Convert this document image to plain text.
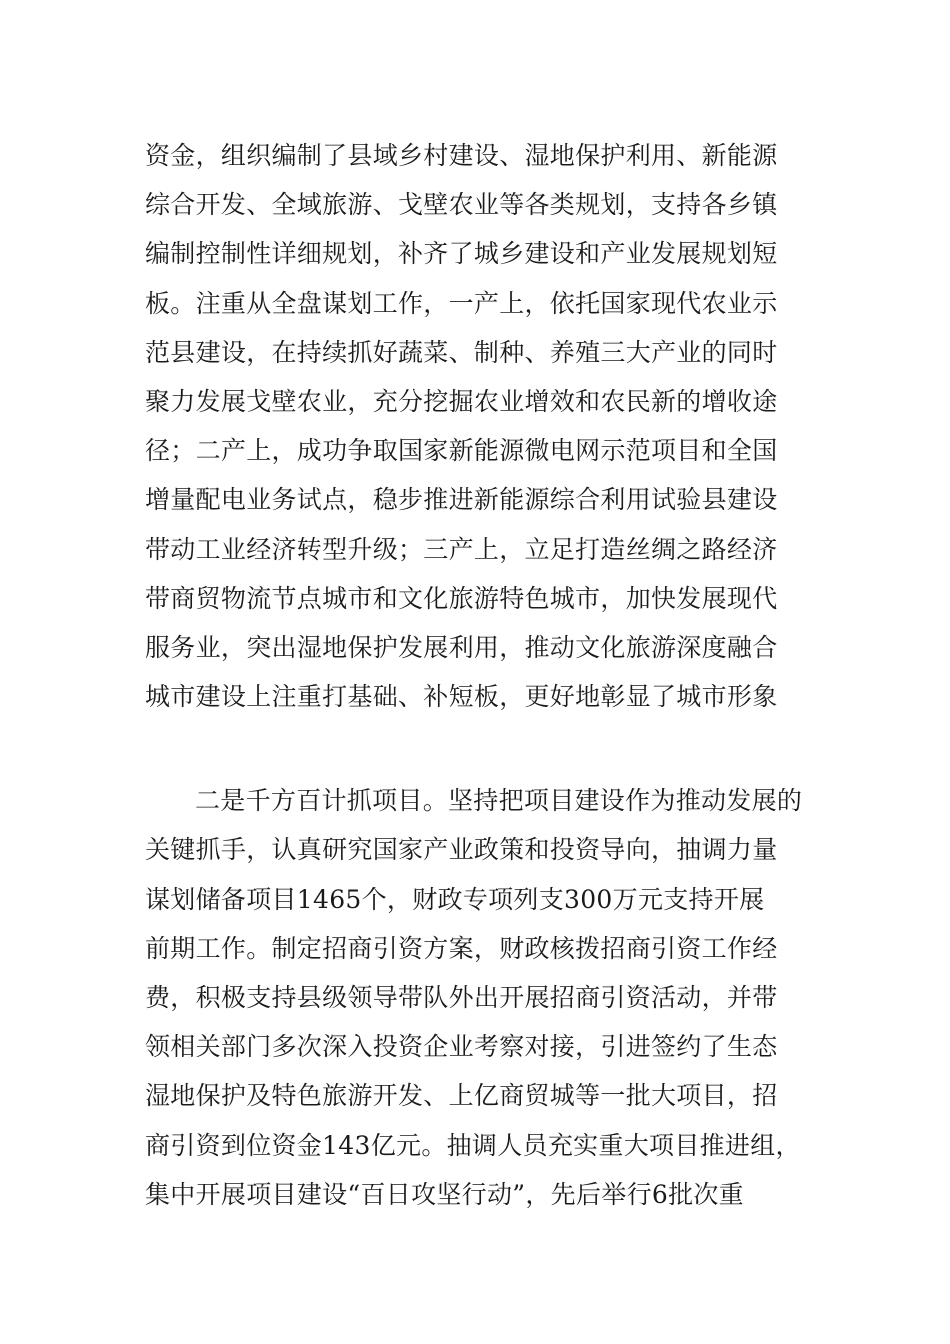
资金，组织编制了县域乡村建设、湿地保护利用、新能源
综合开发、全域旅游、戈壁农业等各类规划，支持各乡镇
编制控制性详细规划，补齐了城乡建设和产业发展规划短
板。注重从全盘谋划工作，一产上，依托国家现代农业示
范县建设，在持续抓好蔬菜、制种、养殖三大产业的同时
聚力发展戈壁农业，充分挖掘农业增效和农民新的增收途
径；二产上，成功争取国家新能源微电网示范项目和全国
增量配电业务试点，稳步推进新能源综合利用试验县建设
带动工业经济转型升级；三产上，立足打造丝绸之路经济
带商贸物流节点城市和文化旅游特色城市，加快发展现代
服务业，突出湿地保护发展利用，推动文化旅游深度融合
城市建设上注重打基础、补短板，更好地彰显了城市形象
二是千方百计抓项目。坚持把项目建设作为推动发展的
关键抓手，认真研究国家产业政策和投资导向，抽调力量
谋划储备项目1465个，财政专项列支300万元支持开展
前期工作。制定招商引资方案，财政核拨招商引资工作经
费，积极支持县级领导带队外出开展招商引资活动，并带
领相关部门多次深入投资企业考察对接，引进签约了生态
湿地保护及特色旅游开发、上亿商贸城等一批大项目，招
商引资到位资金143亿元。抽调人员充实重大项目推进组，
集中开展项目建设“百日攻坚行动”，先后举行6批次重
